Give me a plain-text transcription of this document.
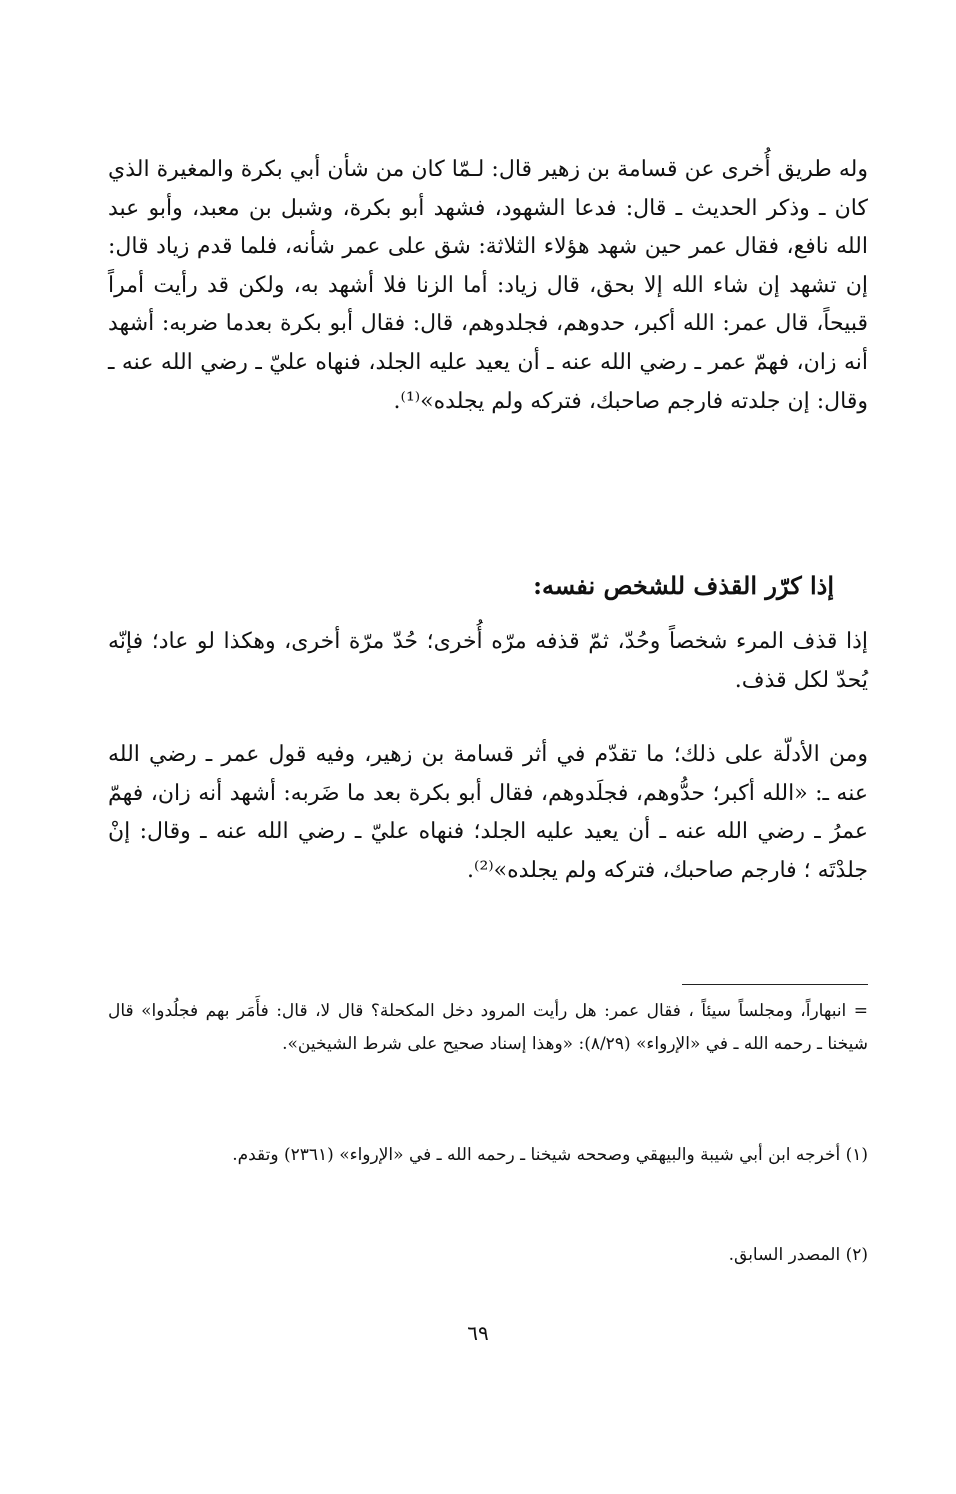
وله طريق أُخرى عن قسامة بن زهير قال: لـمّا كان من شأن أبي بكرة والمغيرة الذي كان ـ وذكر الحديث ـ قال: فدعا الشهود، فشهد أبو بكرة، وشبل بن معبد، وأبو عبد الله نافع، فقال عمر حين شهد هؤلاء الثلاثة: شق على عمر شأنه، فلما قدم زياد قال: إن تشهد إن شاء الله إلا بحق، قال زياد: أما الزنا فلا أشهد به، ولكن قد رأيت أمراً قبيحاً، قال عمر: الله أكبر، حدوهم، فجلدوهم، قال: فقال أبو بكرة بعدما ضربه: أشهد أنه زان، فهمّ عمر ـ رضي الله عنه ـ أن يعيد عليه الجلد، فنهاه عليّ ـ رضي الله عنه ـ وقال: إن جلدته فارجم صاحبك، فتركه ولم يجلده»⁽¹⁾.

إذا كرّر القذف للشخص نفسه:

إذا قذف المرء شخصاً وحُدّ، ثمّ قذفه مرّه أُخرى؛ حُدّ مرّة أخرى، وهكذا لو عاد؛ فإنّه يُحدّ لكل قذف.

ومن الأدلّة على ذلك؛ ما تقدّم في أثر قسامة بن زهير، وفيه قول عمر ـ رضي الله عنه ـ: «الله أكبر؛ حدُّوهم، فجلَدوهم، فقال أبو بكرة بعد ما ضَربه: أشهد أنه زان، فهمّ عمرُ ـ رضي الله عنه ـ أن يعيد عليه الجلد؛ فنهاه عليّ ـ رضي الله عنه ـ وقال: إنْ جلدْتَه ؛ فارجم صاحبك، فتركه ولم يجلده»⁽²⁾.

= انبهاراً، ومجلساً سيئاً ، فقال عمر: هل رأيت المرود دخل المكحلة؟ قال لا، قال: فأَمَر بهم فجلُدوا» قال شيخنا ـ رحمه الله ـ في «الإرواء» (٨/٢٩): «وهذا إسناد صحيح على شرط الشيخين».

(١) أخرجه ابن أبي شيبة والبيهقي وصححه شيخنا ـ رحمه الله ـ في «الإرواء» (٢٣٦١) وتقدم.

(٢) المصدر السابق.

٦٩
